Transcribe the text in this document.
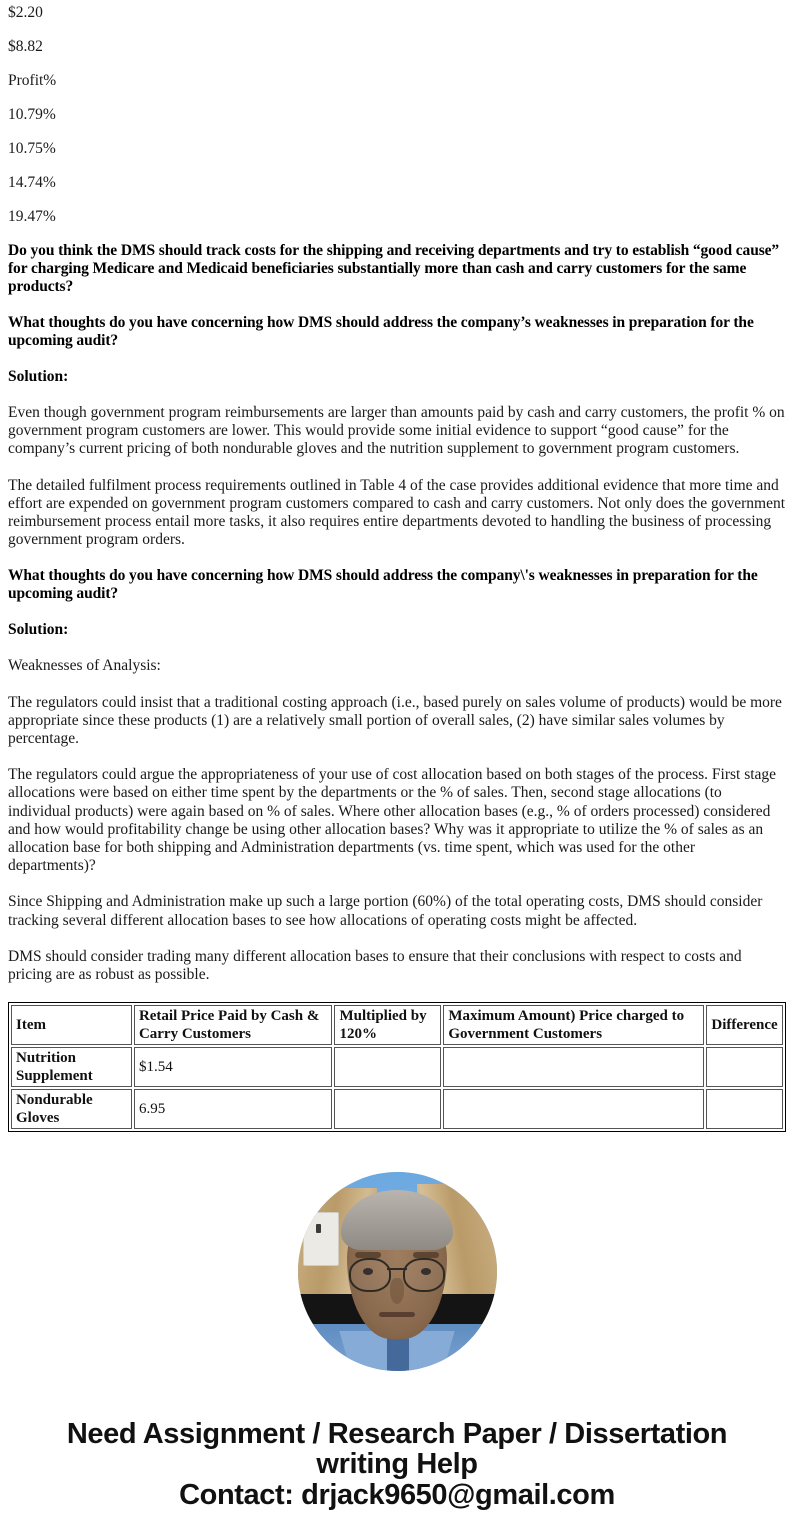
$2.20

$8.82

Profit%

10.79%

10.75%

14.74%

19.47%

Do you think the DMS should track costs for the shipping and receiving departments and try to establish “good cause” for charging Medicare and Medicaid beneficiaries substantially more than cash and carry customers for the same products?

What thoughts do you have concerning how DMS should address the company’s weaknesses in preparation for the upcoming audit?

Solution:

Even though government program reimbursements are larger than amounts paid by cash and carry customers, the profit % on government program customers are lower. This would provide some initial evidence to support “good cause” for the company’s current pricing of both nondurable gloves and the nutrition supplement to government program customers.

The detailed fulfilment process requirements outlined in Table 4 of the case provides additional evidence that more time and effort are expended on government program customers compared to cash and carry customers. Not only does the government reimbursement process entail more tasks, it also requires entire departments devoted to handling the business of processing government program orders.

What thoughts do you have concerning how DMS should address the company\'s weaknesses in preparation for the upcoming audit?

Solution:

Weaknesses of Analysis:

The regulators could insist that a traditional costing approach (i.e., based purely on sales volume of products) would be more appropriate since these products (1) are a relatively small portion of overall sales, (2) have similar sales volumes by percentage.

The regulators could argue the appropriateness of your use of cost allocation based on both stages of the process. First stage allocations were based on either time spent by the departments or the % of sales. Then, second stage allocations (to individual products) were again based on % of sales. Where other allocation bases (e.g., % of orders processed) considered and how would profitability change be using other allocation bases? Why was it appropriate to utilize the % of sales as an allocation base for both shipping and Administration departments (vs. time spent, which was used for the other departments)?

Since Shipping and Administration make up such a large portion (60%) of the total operating costs, DMS should consider tracking several different allocation bases to see how allocations of operating costs might be affected.

DMS should consider trading many different allocation bases to ensure that their conclusions with respect to costs and pricing are as robust as possible.

Item	Retail Price Paid by Cash & Carry Customers	Multiplied by 120%	Maximum Amount) Price charged to Government Customers	Difference
Nutrition Supplement	$1.54			
Nondurable Gloves	6.95			
Need Assignment / Research Paper / Dissertation
writing Help
Contact: drjack9650@gmail.com
